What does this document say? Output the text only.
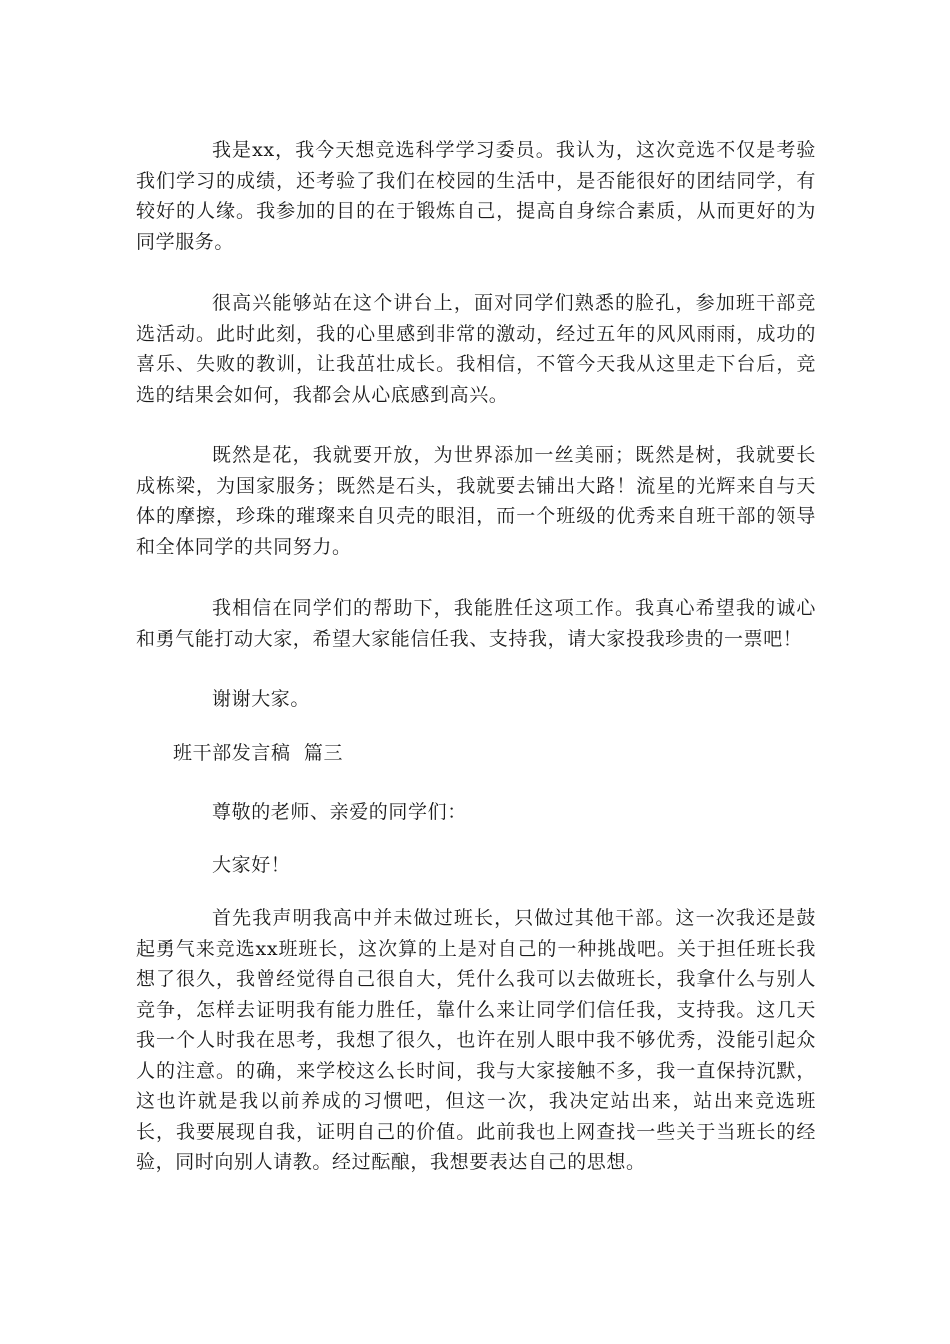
我是xx，我今天想竞选科学学习委员。我认为，这次竞选不仅是考验我们学习的成绩，还考验了我们在校园的生活中，是否能很好的团结同学，有较好的人缘。我参加的目的在于锻炼自己，提高自身综合素质，从而更好的为同学服务。

很高兴能够站在这个讲台上，面对同学们熟悉的脸孔，参加班干部竞选活动。此时此刻，我的心里感到非常的激动，经过五年的风风雨雨，成功的喜乐、失败的教训，让我茁壮成长。我相信，不管今天我从这里走下台后，竞选的结果会如何，我都会从心底感到高兴。

既然是花，我就要开放，为世界添加一丝美丽；既然是树，我就要长成栋梁，为国家服务；既然是石头，我就要去铺出大路！流星的光辉来自与天体的摩擦，珍珠的璀璨来自贝壳的眼泪，而一个班级的优秀来自班干部的领导和全体同学的共同努力。

我相信在同学们的帮助下，我能胜任这项工作。我真心希望我的诚心和勇气能打动大家，希望大家能信任我、支持我，请大家投我珍贵的一票吧！

谢谢大家。

班干部发言稿  篇三

尊敬的老师、亲爱的同学们：

大家好！

首先我声明我高中并未做过班长，只做过其他干部。这一次我还是鼓起勇气来竞选xx班班长，这次算的上是对自己的一种挑战吧。关于担任班长我想了很久，我曾经觉得自己很自大，凭什么我可以去做班长，我拿什么与别人竞争，怎样去证明我有能力胜任，靠什么来让同学们信任我，支持我。这几天我一个人时我在思考，我想了很久，也许在别人眼中我不够优秀，没能引起众人的注意。的确，来学校这么长时间，我与大家接触不多，我一直保持沉默，这也许就是我以前养成的习惯吧，但这一次，我决定站出来，站出来竞选班长，我要展现自我，证明自己的价值。此前我也上网查找一些关于当班长的经验，同时向别人请教。经过酝酿，我想要表达自己的思想。
